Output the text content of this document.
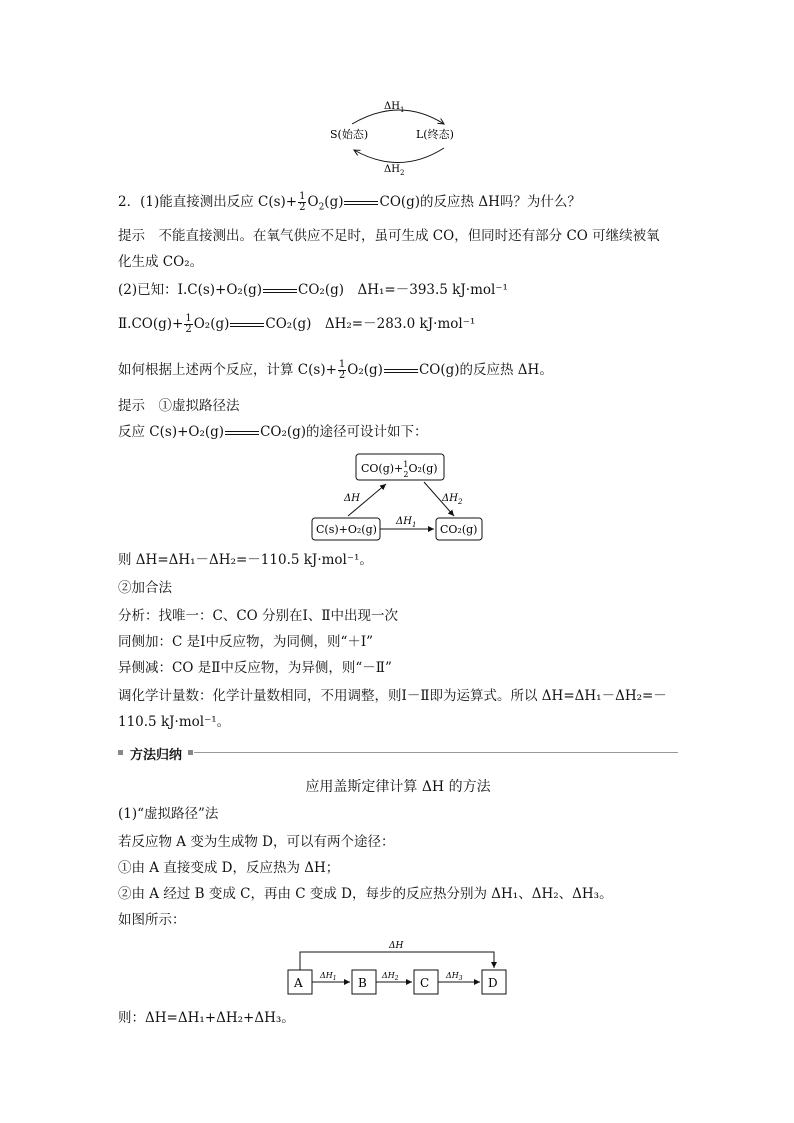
$\Delta H_1$
S(始态)	L(终态)
$\Delta H_2$
2．(1)能直接测出反应 $C(s)+ \frac{1}{2} O_2(g)$	CO(g)的反应热 ΔH吗？为什么？
提示　不能直接测出。在氧气供应不足时，虽可生成 CO，但同时还有部分 CO 可继续被氧
化生成 CO₂。
(2)已知：Ⅰ.C(s)+O₂(g)	CO₂(g)　ΔH₁=－393.5 kJ·mol⁻¹
Ⅱ.CO(g)+ $\frac{1}{2} O_2(g)$	CO₂(g)　ΔH₂=－283.0 kJ·mol⁻¹
如何根据上述两个反应，计算 $C(s)+ \frac{1}{2} O_2(g)$	CO(g)的反应热 ΔH。
提示　①虚拟路径法
反应 C(s)+O₂(g)	CO₂(g)的途径可设计如下：
CO(g)+$^1$ 2O₂(g)
C(s)+O₂(g)	CO₂(g)
ΔH	$\Delta H_2$
$\Delta H_1$
则 ΔH=ΔH₁－ΔH₂=－110.5 kJ·mol⁻¹。
②加合法
分析：找唯一：C、CO 分别在Ⅰ、Ⅱ中出现一次
同侧加：C 是Ⅰ中反应物，为同侧，则“＋Ⅰ”
异侧减：CO 是Ⅱ中反应物，为异侧，则“－Ⅱ”
调化学计量数：化学计量数相同，不用调整，则Ⅰ－Ⅱ即为运算式。所以 ΔH=ΔH₁－ΔH₂=－
110.5 kJ·mol⁻¹。
方法归纳
应用盖斯定律计算 ΔH 的方法
(1)“虚拟路径”法
若反应物 A 变为生成物 D，可以有两个途径：
①由 A 直接变成 D，反应热为 ΔH；
②由 A 经过 B 变成 C，再由 C 变成 D，每步的反应热分别为 ΔH₁、ΔH₂、ΔH₃。
如图所示：
ΔH
A	B	C	D
$\Delta H_1$	$\Delta H_2$	$\Delta H_3$
则：ΔH=ΔH₁+ΔH₂+ΔH₃。
